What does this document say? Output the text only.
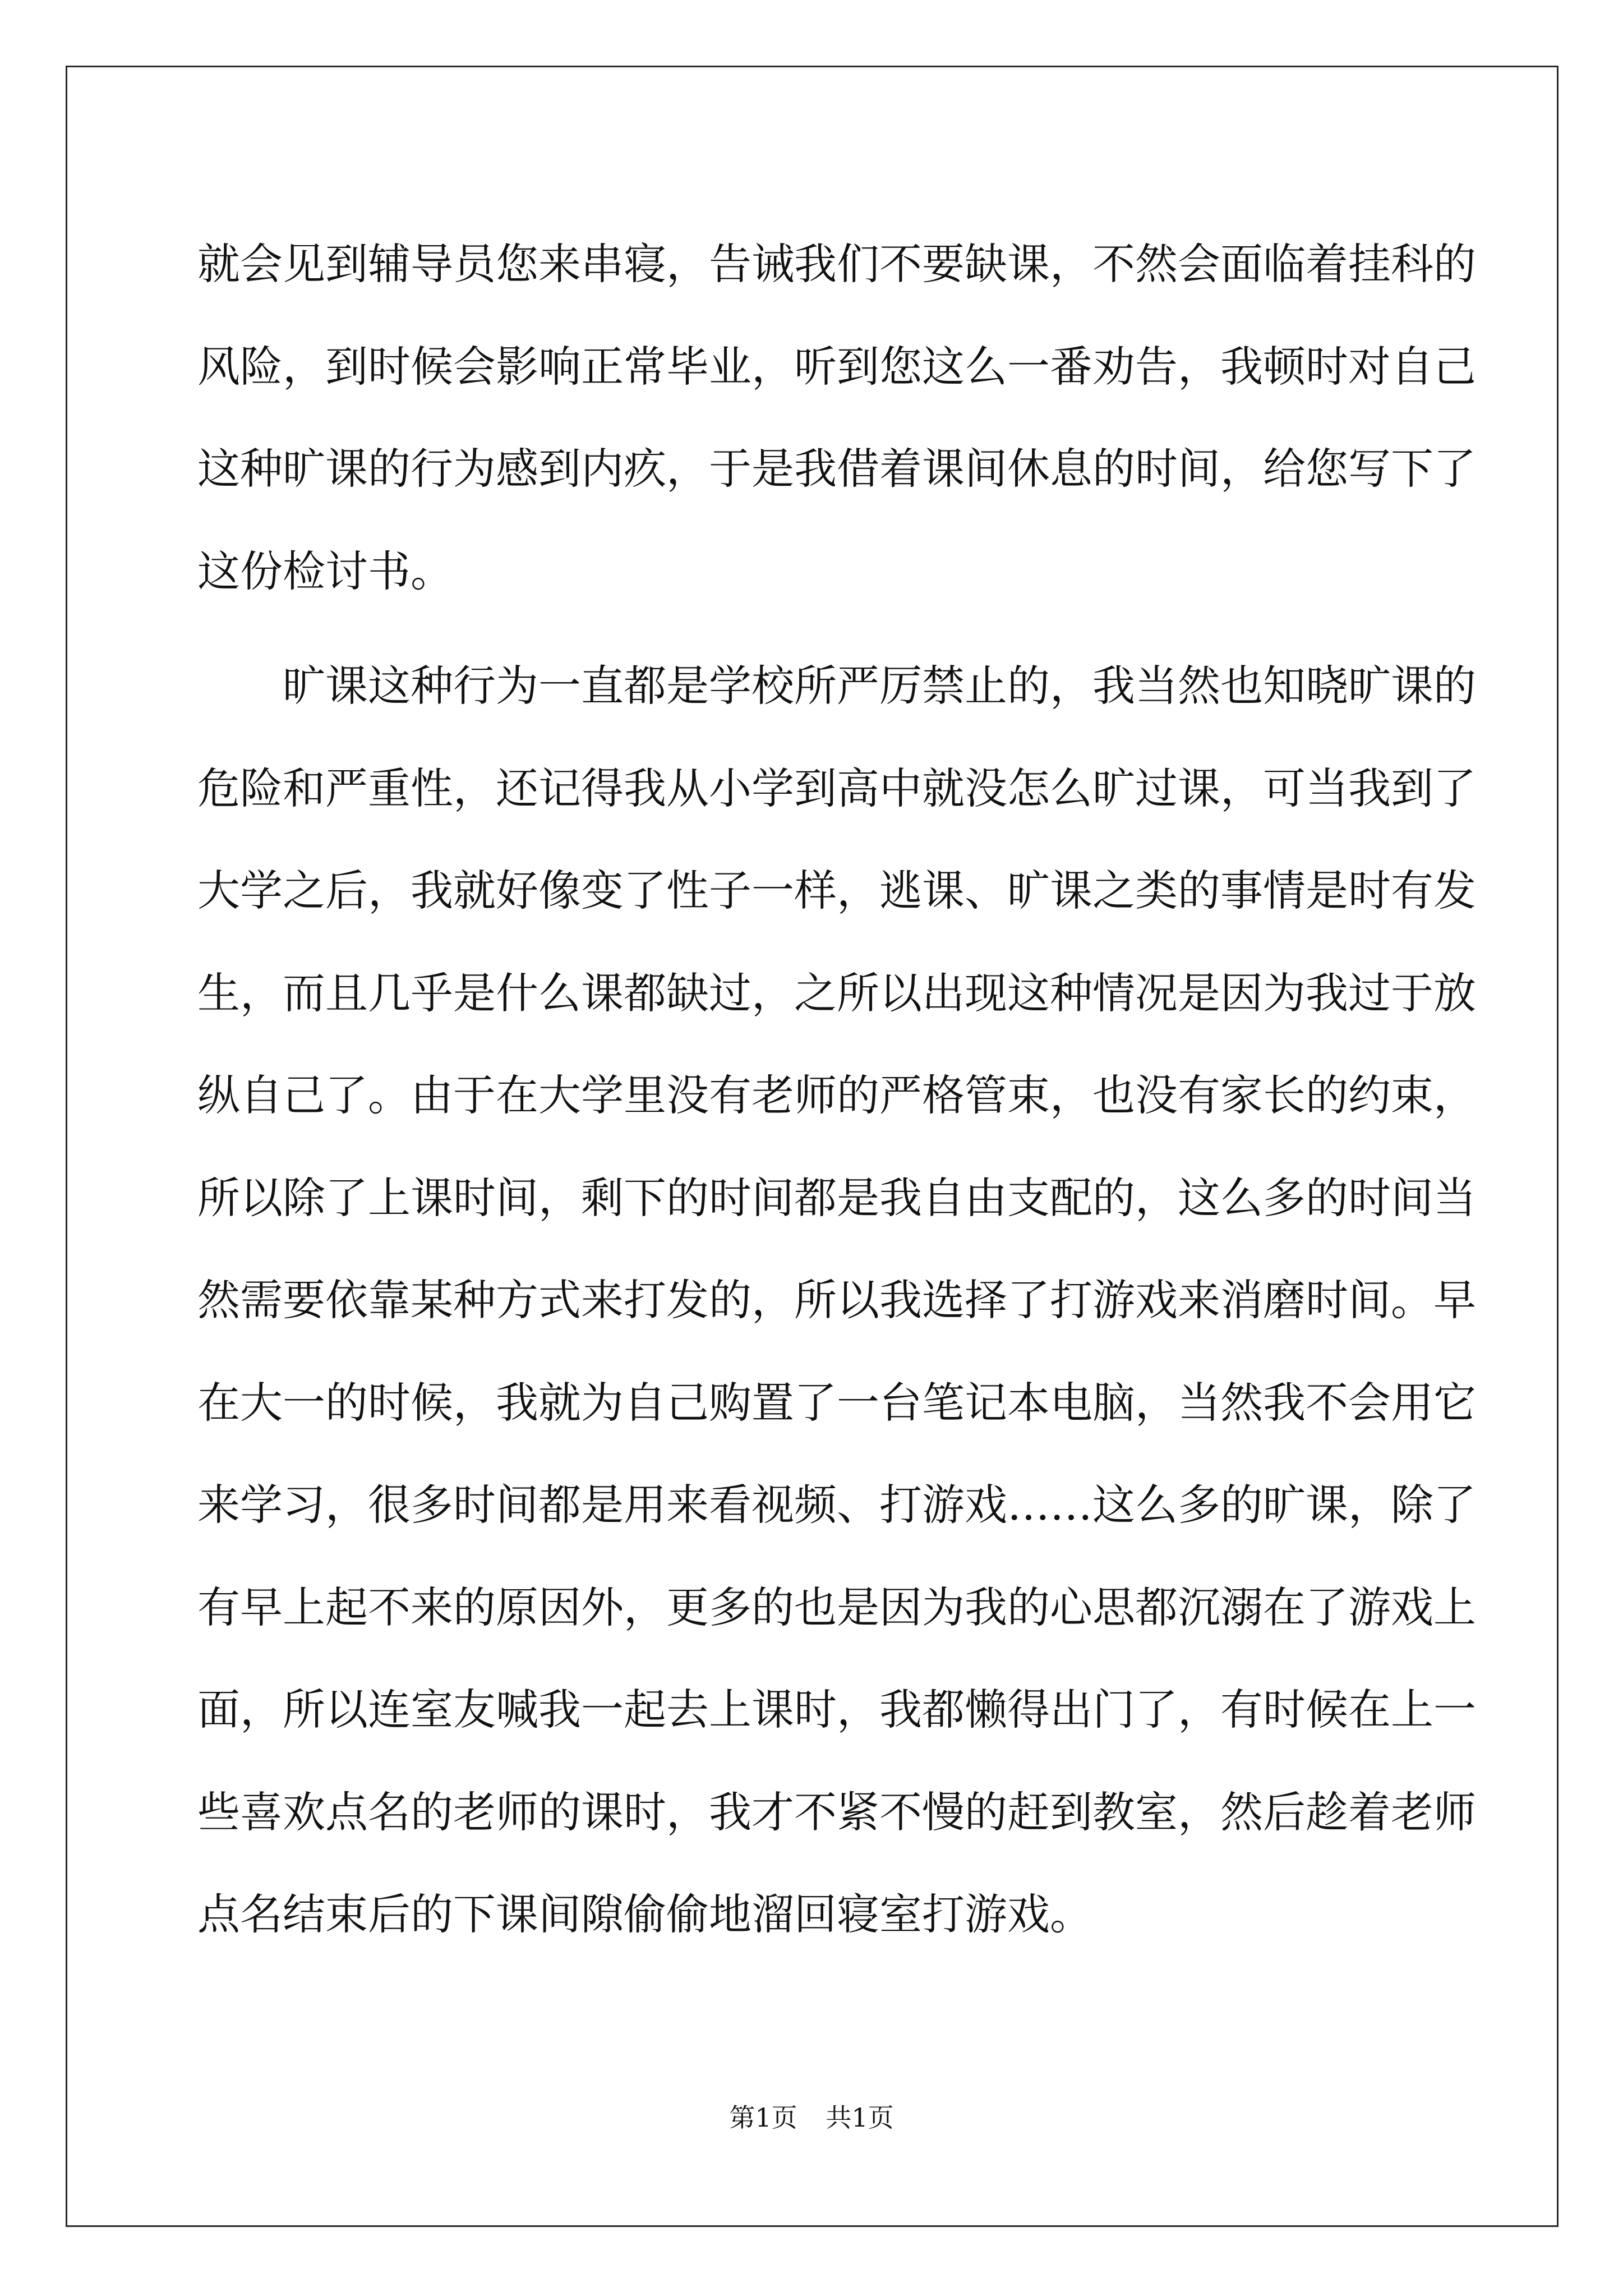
就会见到辅导员您来串寝，告诫我们不要缺课，不然会面临着挂科的
风险，到时候会影响正常毕业，听到您这么一番劝告，我顿时对自己
这种旷课的行为感到内疚，于是我借着课间休息的时间，给您写下了
这份检讨书。
旷课这种行为一直都是学校所严厉禁止的，我当然也知晓旷课的
危险和严重性，还记得我从小学到高中就没怎么旷过课，可当我到了
大学之后，我就好像变了性子一样，逃课、旷课之类的事情是时有发
生，而且几乎是什么课都缺过，之所以出现这种情况是因为我过于放
纵自己了。由于在大学里没有老师的严格管束，也没有家长的约束，
所以除了上课时间，剩下的时间都是我自由支配的，这么多的时间当
然需要依靠某种方式来打发的，所以我选择了打游戏来消磨时间。早
在大一的时候，我就为自己购置了一台笔记本电脑，当然我不会用它
来学习，很多时间都是用来看视频、打游戏……这么多的旷课，除了
有早上起不来的原因外，更多的也是因为我的心思都沉溺在了游戏上
面，所以连室友喊我一起去上课时，我都懒得出门了，有时候在上一
些喜欢点名的老师的课时，我才不紧不慢的赶到教室，然后趁着老师
点名结束后的下课间隙偷偷地溜回寝室打游戏。
第1页 共1页
